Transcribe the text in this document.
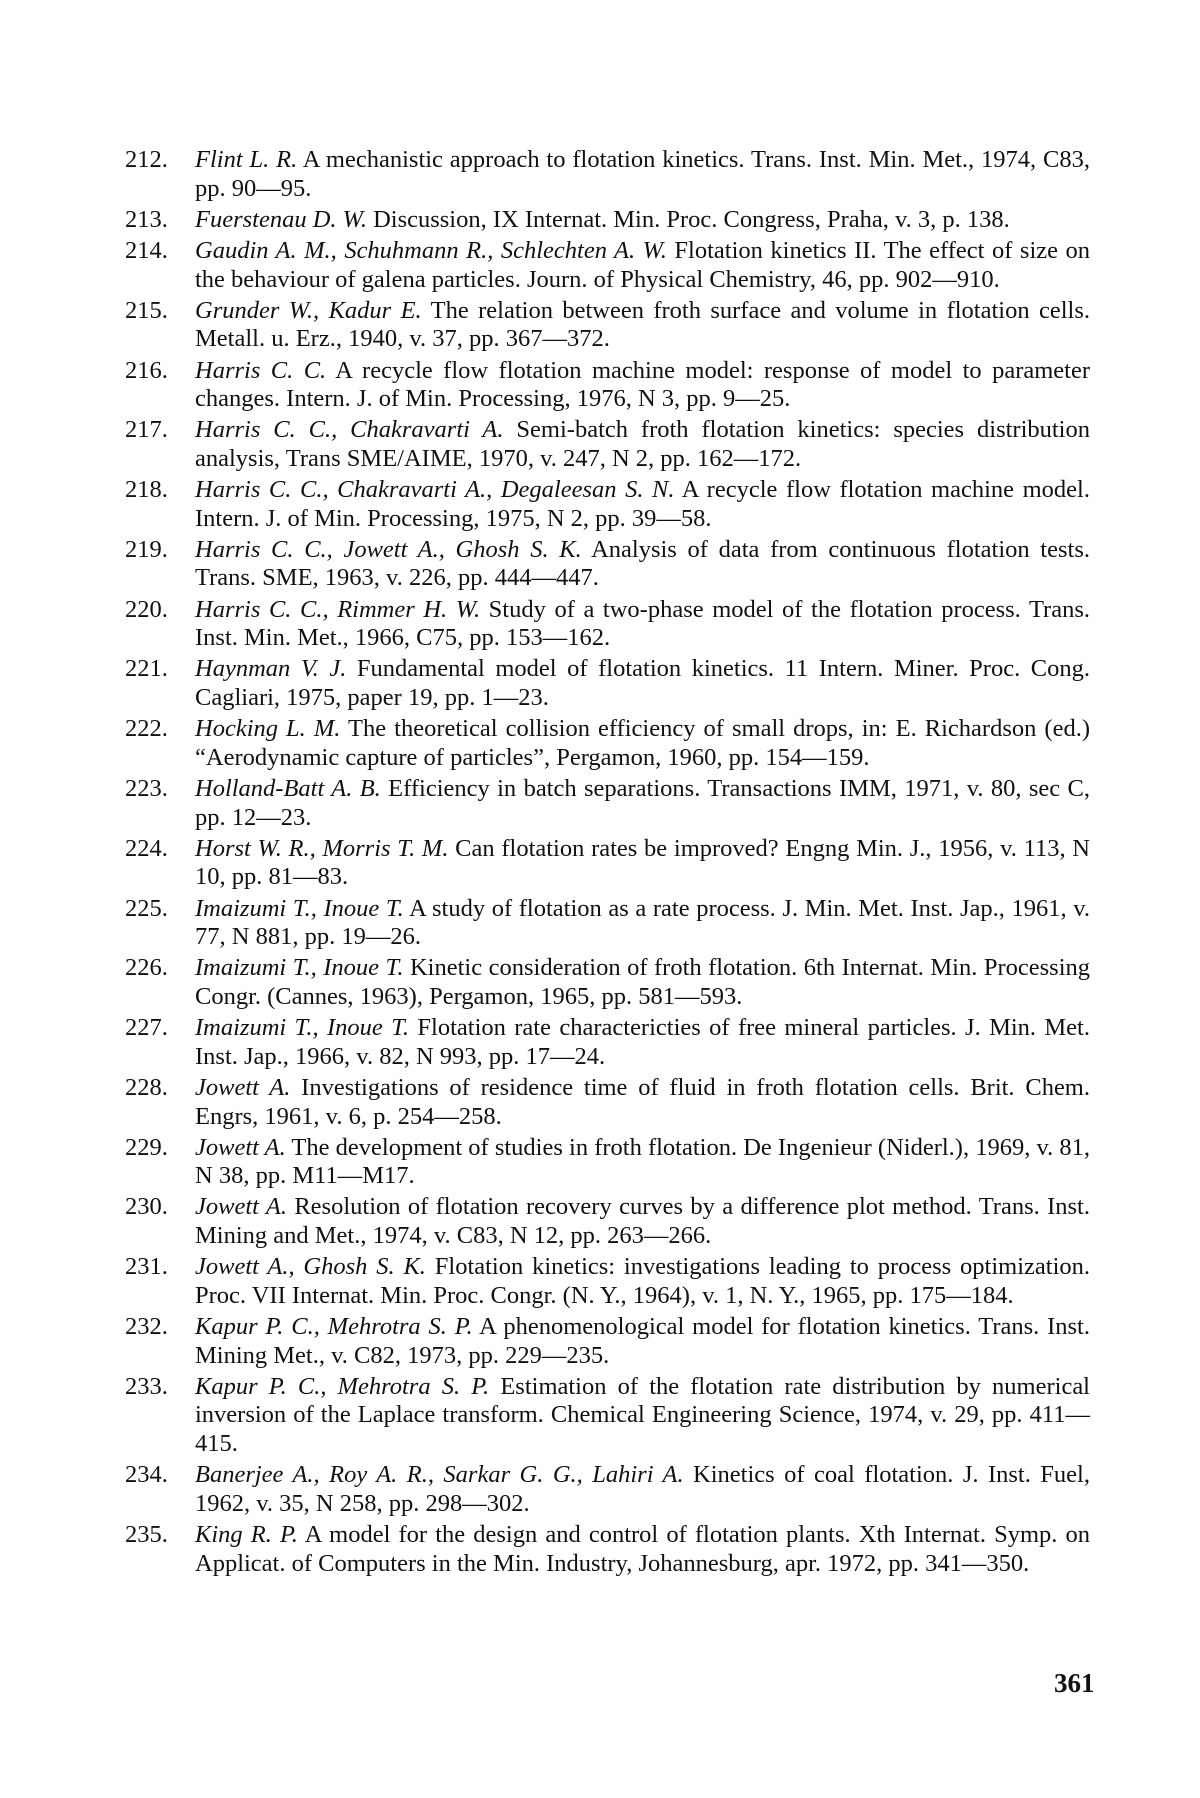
212.	Flint L. R. A mechanistic approach to flotation kinetics. Trans. Inst. Min. Met., 1974, C83, pp. 90—95.
213.	Fuerstenau D. W. Discussion, IX Internat. Min. Proc. Congress, Praha, v. 3, p. 138.
214.	Gaudin A. M., Schuhmann R., Schlechten A. W. Flotation kinetics II. The effect of size on the behaviour of galena particles. Journ. of Physical Chemistry, 46, pp. 902—910.
215.	Grunder W., Kadur E. The relation between froth surface and volume in flotation cells. Metall. u. Erz., 1940, v. 37, pp. 367—372.
216.	Harris C. C. A recycle flow flotation machine model: response of model to parameter changes. Intern. J. of Min. Processing, 1976, N 3, pp. 9—25.
217.	Harris C. C., Chakravarti A. Semi-batch froth flotation kinetics: species distribution analysis, Trans SME/AIME, 1970, v. 247, N 2, pp. 162—172.
218.	Harris C. C., Chakravarti A., Degaleesan S. N. A recycle flow flotation machine model. Intern. J. of Min. Processing, 1975, N 2, pp. 39—58.
219.	Harris C. C., Jowett A., Ghosh S. K. Analysis of data from continuous flotation tests. Trans. SME, 1963, v. 226, pp. 444—447.
220.	Harris C. C., Rimmer H. W. Study of a two-phase model of the flotation process. Trans. Inst. Min. Met., 1966, C75, pp. 153—162.
221.	Haynman V. J. Fundamental model of flotation kinetics. 11 Intern. Miner. Proc. Cong. Cagliari, 1975, paper 19, pp. 1—23.
222.	Hocking L. M. The theoretical collision efficiency of small drops, in: E. Richardson (ed.) “Aerodynamic capture of particles”, Pergamon, 1960, pp. 154—159.
223.	Holland-Batt A. B. Efficiency in batch separations. Transactions IMM, 1971, v. 80, sec C, pp. 12—23.
224.	Horst W. R., Morris T. M. Can flotation rates be improved? Engng Min. J., 1956, v. 113, N 10, pp. 81—83.
225.	Imaizumi T., Inoue T. A study of flotation as a rate process. J. Min. Met. Inst. Jap., 1961, v. 77, N 881, pp. 19—26.
226.	Imaizumi T., Inoue T. Kinetic consideration of froth flotation. 6th Internat. Min. Processing Congr. (Cannes, 1963), Pergamon, 1965, pp. 581—593.
227.	Imaizumi T., Inoue T. Flotation rate charactericties of free mineral particles. J. Min. Met. Inst. Jap., 1966, v. 82, N 993, pp. 17—24.
228.	Jowett A. Investigations of residence time of fluid in froth flotation cells. Brit. Chem. Engrs, 1961, v. 6, p. 254—258.
229.	Jowett A. The development of studies in froth flotation. De Ingenieur (Niderl.), 1969, v. 81, N 38, pp. M11—M17.
230.	Jowett A. Resolution of flotation recovery curves by a difference plot method. Trans. Inst. Mining and Met., 1974, v. C83, N 12, pp. 263—266.
231.	Jowett A., Ghosh S. K. Flotation kinetics: investigations leading to process optimization. Proc. VII Internat. Min. Proc. Congr. (N. Y., 1964), v. 1, N. Y., 1965, pp. 175—184.
232.	Kapur P. C., Mehrotra S. P. A phenomenological model for flotation kinetics. Trans. Inst. Mining Met., v. C82, 1973, pp. 229—235.
233.	Kapur P. C., Mehrotra S. P. Estimation of the flotation rate distribution by numerical inversion of the Laplace transform. Chemical Engineering Science, 1974, v. 29, pp. 411—415.
234.	Banerjee A., Roy A. R., Sarkar G. G., Lahiri A. Kinetics of coal flotation. J. Inst. Fuel, 1962, v. 35, N 258, pp. 298—302.
235.	King R. P. A model for the design and control of flotation plants. Xth Internat. Symp. on Applicat. of Computers in the Min. Industry, Johannesburg, apr. 1972, pp. 341—350.
361
